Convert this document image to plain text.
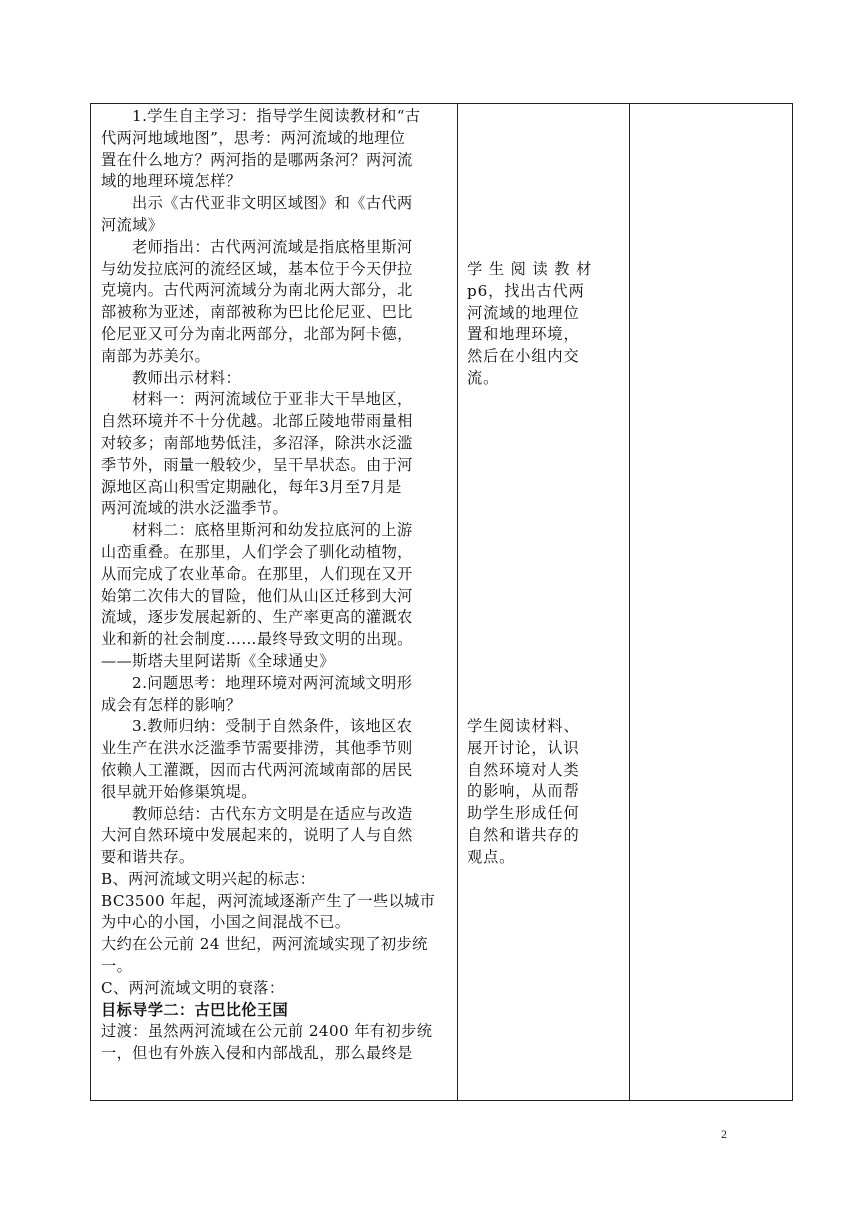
1.学生自主学习：指导学生阅读教材和“古

代两河地域地图”，思考：两河流域的地理位

置在什么地方？两河指的是哪两条河？两河流

域的地理环境怎样？

出示《古代亚非文明区域图》和《古代两

河流域》

老师指出：古代两河流域是指底格里斯河

与幼发拉底河的流经区域，基本位于今天伊拉

克境内。古代两河流域分为南北两大部分，北

部被称为亚述，南部被称为巴比伦尼亚、巴比

伦尼亚又可分为南北两部分，北部为阿卡德，

南部为苏美尔。

教师出示材料：

材料一：两河流域位于亚非大干旱地区，

自然环境并不十分优越。北部丘陵地带雨量相

对较多；南部地势低洼，多沼泽，除洪水泛滥

季节外，雨量一般较少，呈干旱状态。由于河

源地区高山积雪定期融化，每年3月至7月是

两河流域的洪水泛滥季节。

材料二：底格里斯河和幼发拉底河的上游

山峦重叠。在那里，人们学会了驯化动植物，

从而完成了农业革命。在那里，人们现在又开

始第二次伟大的冒险，他们从山区迁移到大河

流域，逐步发展起新的、生产率更高的灌溉农

业和新的社会制度……最终导致文明的出现。

——斯塔夫里阿诺斯《全球通史》

2.问题思考：地理环境对两河流域文明形

成会有怎样的影响？

3.教师归纳：受制于自然条件，该地区农

业生产在洪水泛滥季节需要排涝，其他季节则

依赖人工灌溉，因而古代两河流域南部的居民

很早就开始修渠筑堤。

教师总结：古代东方文明是在适应与改造

大河自然环境中发展起来的，说明了人与自然

要和谐共存。

B、两河流域文明兴起的标志：

BC3500 年起，两河流域逐渐产生了一些以城市

为中心的小国，小国之间混战不已。

大约在公元前 24 世纪，两河流域实现了初步统

一。

C、两河流域文明的衰落：

目标导学二：古巴比伦王国

过渡：虽然两河流域在公元前 2400 年有初步统

一，但也有外族入侵和内部战乱，那么最终是

学 生 阅 读 教 材

p6，找出古代两

河流域的地理位

置和地理环境，

然后在小组内交

流。

学生阅读材料、

展开讨论，认识

自然环境对人类

的影响，从而帮

助学生形成任何

自然和谐共存的

观点。

2
